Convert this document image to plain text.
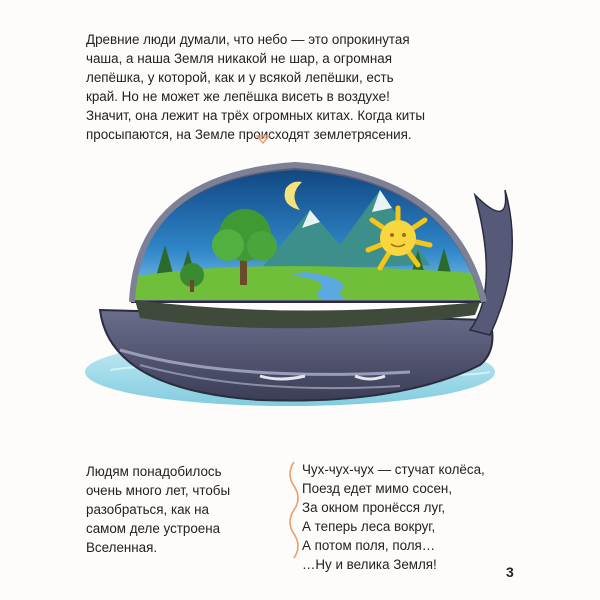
Древние люди думали, что небо — это опрокинутая

чаша, а наша Земля никакой не шар, а огромная

лепёшка, у которой, как и у всякой лепёшки, есть

край. Но не может же лепёшка висеть в воздухе!

Значит, она лежит на трёх огромных китах. Когда киты

просыпаются, на Земле происходят землетрясения.

Людям понадобилось

очень много лет, чтобы

разобраться, как на

самом деле устроена

Вселенная.

Чух-чух-чух — стучат колёса,

Поезд едет мимо сосен,

За окном пронёсся луг,

А теперь леса вокруг,

А потом поля, поля…

…Ну и велика Земля!	3
